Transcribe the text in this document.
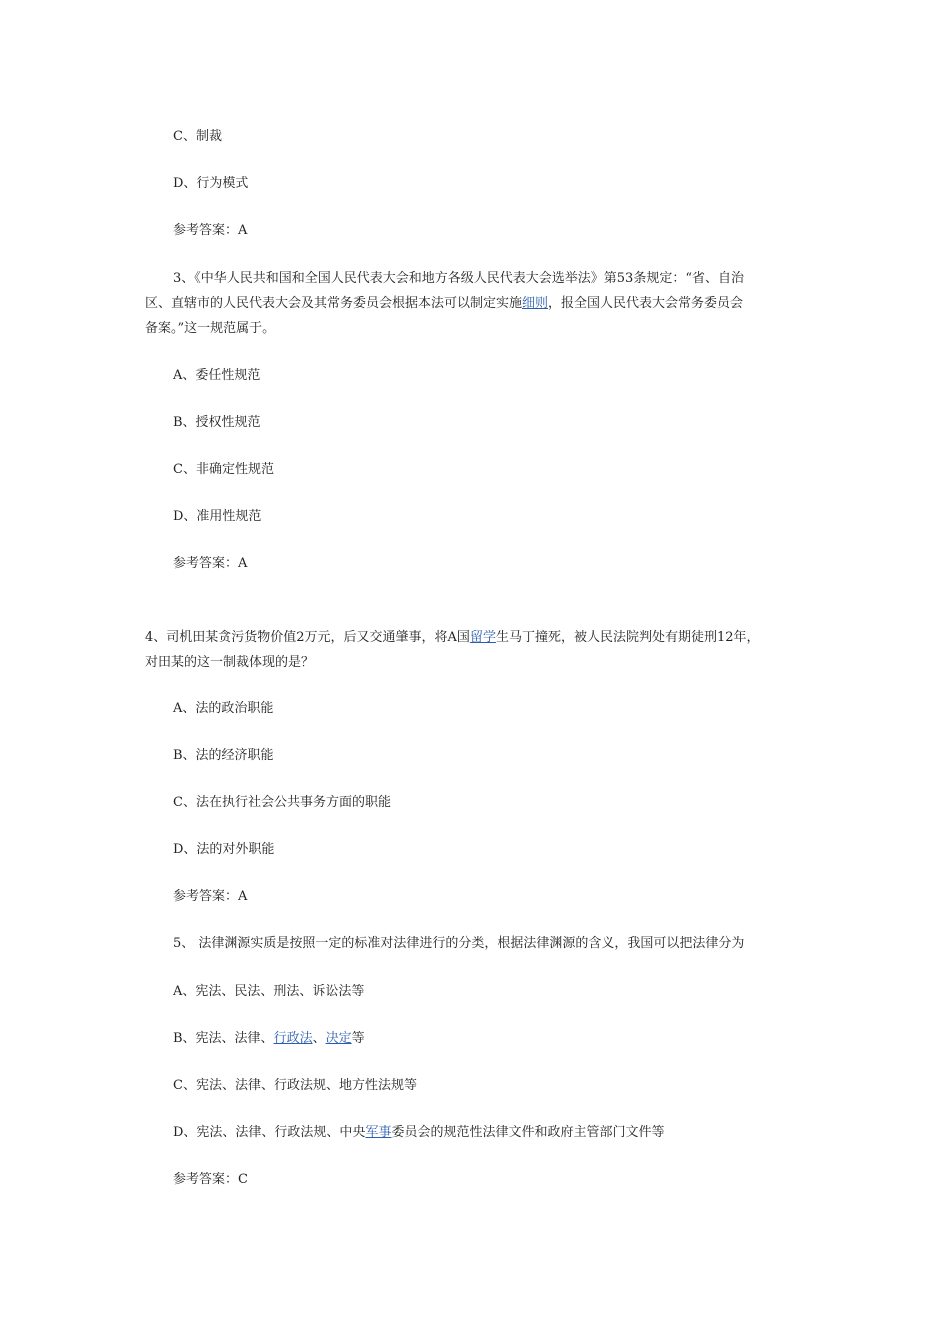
C、制裁
D、行为模式
参考答案：A
3、《中华人民共和国和全国人民代表大会和地方各级人民代表大会选举法》第53条规定：“省、自治
区、直辖市的人民代表大会及其常务委员会根据本法可以制定实施细则，报全国人民代表大会常务委员会
备案。”这一规范属于。
A、委任性规范
B、授权性规范
C、非确定性规范
D、准用性规范
参考答案：A
4、司机田某贪污货物价值2万元，后又交通肇事，将A国留学生马丁撞死，被人民法院判处有期徒刑12年，
对田某的这一制裁体现的是？
A、法的政治职能
B、法的经济职能
C、法在执行社会公共事务方面的职能
D、法的对外职能
参考答案：A
5、 法律渊源实质是按照一定的标准对法律进行的分类，根据法律渊源的含义，我国可以把法律分为
A、宪法、民法、刑法、诉讼法等
B、宪法、法律、行政法、决定等
C、宪法、法律、行政法规、地方性法规等
D、宪法、法律、行政法规、中央军事委员会的规范性法律文件和政府主管部门文件等
参考答案：C
